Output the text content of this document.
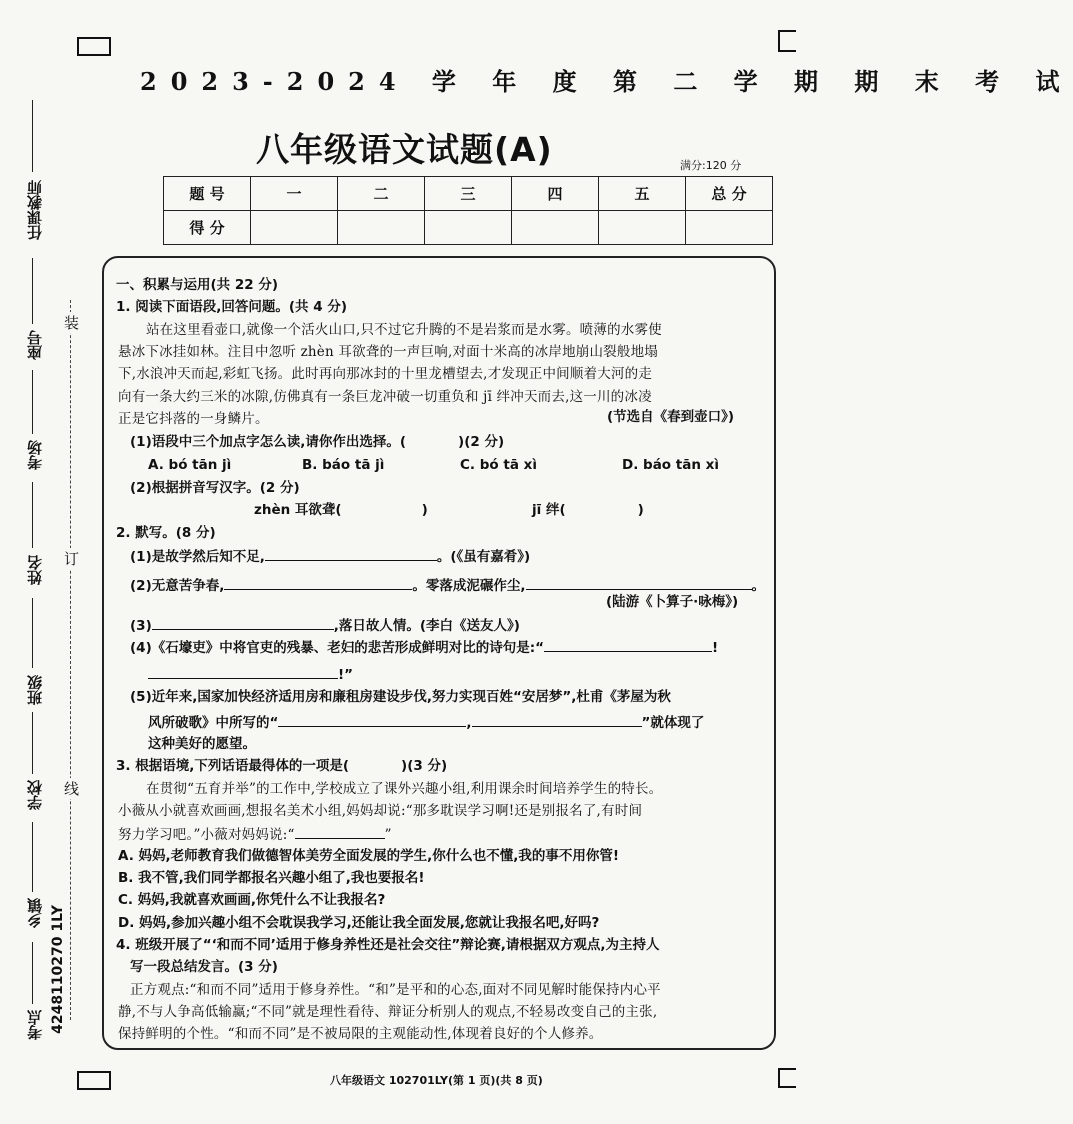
任课教师
座号
考场
姓名
班级
学校
乡镇
考点 4248110270 1LY
装
订
线
2023-2024 学 年 度 第 二 学 期 期 末 考 试
八年级语文试题(A)	满分:120 分
题 号	一	二	三	四	五	总 分
得 分						
一、积累与运用(共 22 分)
1. 阅读下面语段,回答问题。(共 4 分)
站在这里看壶口,就像一个活火山口,只不过它升腾的不是岩浆而是水雾。喷薄的水雾使
悬冰下冰挂如林。注目中忽听 zhèn 耳欲聋的一声巨响,对面十米高的冰岸地崩山裂般地塌
下,水浪冲天而起,彩虹飞扬。此时再向那冰封的十里龙槽望去,才发现正中间顺着大河的走
向有一条大约三米的冰隙,仿佛真有一条巨龙冲破一切重负和 jī 绊冲天而去,这一川的冰凌
正是它抖落的一身鳞片。	(节选自《春到壶口》)
(1)语段中三个加点字怎么读,请你作出选择。(	)(2 分)
A. bó tān jì	B. báo tā jì	C. bó tā xì	D. báo tān xì
(2)根据拼音写汉字。(2 分)
zhèn 耳欲聋(	)	jī 绊(	)
2. 默写。(8 分)
(1)是故学然后知不足,	。(《虽有嘉肴》)
(2)无意苦争春,	。零落成泥碾作尘,	。
(陆游《卜算子·咏梅》)
(3)	,落日故人情。(李白《送友人》)
(4)《石壕吏》中将官吏的残暴、老妇的悲苦形成鲜明对比的诗句是:“	!
!”
(5)近年来,国家加快经济适用房和廉租房建设步伐,努力实现百姓“安居梦”,杜甫《茅屋为秋
风所破歌》中所写的“	,	”就体现了
这种美好的愿望。
3. 根据语境,下列话语最得体的一项是(	)(3 分)
在贯彻“五育并举”的工作中,学校成立了课外兴趣小组,利用课余时间培养学生的特长。
小薇从小就喜欢画画,想报名美术小组,妈妈却说:“那多耽误学习啊!还是别报名了,有时间
努力学习吧。”小薇对妈妈说:“	”
A. 妈妈,老师教育我们做德智体美劳全面发展的学生,你什么也不懂,我的事不用你管!
B. 我不管,我们同学都报名兴趣小组了,我也要报名!
C. 妈妈,我就喜欢画画,你凭什么不让我报名?
D. 妈妈,参加兴趣小组不会耽误我学习,还能让我全面发展,您就让我报名吧,好吗?
4. 班级开展了“‘和而不同’适用于修身养性还是社会交往”辩论赛,请根据双方观点,为主持人
写一段总结发言。(3 分)
正方观点:“和而不同”适用于修身养性。“和”是平和的心态,面对不同见解时能保持内心平
静,不与人争高低输赢;“不同”就是理性看待、辩证分析别人的观点,不轻易改变自己的主张,
保持鲜明的个性。“和而不同”是不被局限的主观能动性,体现着良好的个人修养。
八年级语文 102701LY(第 1 页)(共 8 页)
